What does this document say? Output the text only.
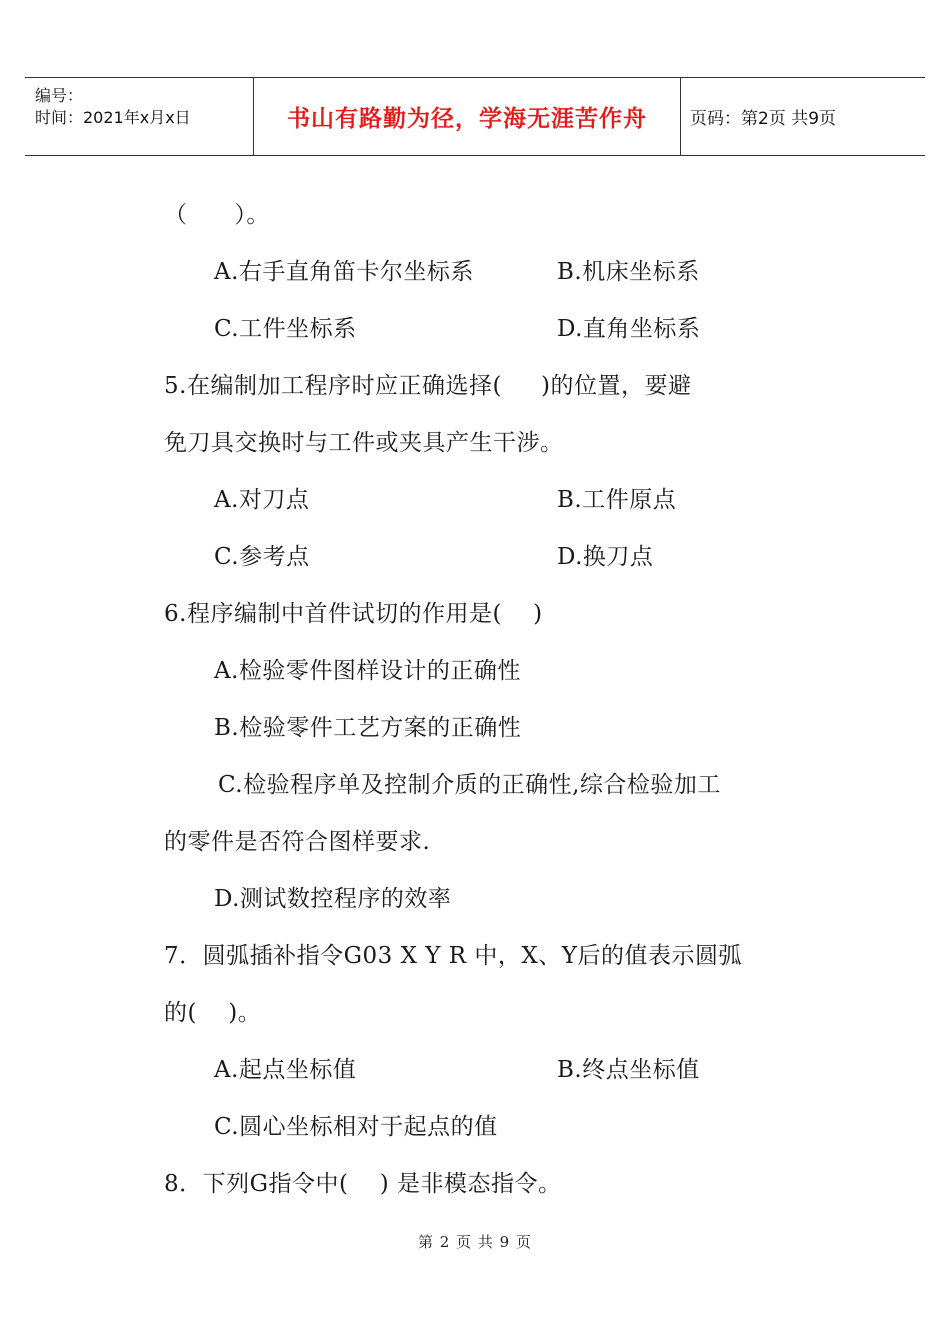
编号：
时间：2021年x月x日	书山有路勤为径，学海无涯苦作舟	页码：第2页 共9页
（      ）。
A.右手直角笛卡尔坐标系	B.机床坐标系
C.工件坐标系	D.直角坐标系
5.在编制加工程序时应正确选择(     )的位置，要避
免刀具交换时与工件或夹具产生干涉。
A.对刀点	B.工件原点
C.参考点	D.换刀点
6.程序编制中首件试切的作用是(    )
A.检验零件图样设计的正确性
B.检验零件工艺方案的正确性
C.检验程序单及控制介质的正确性,综合检验加工
的零件是否符合图样要求.
D.测试数控程序的效率
7．圆弧插补指令G03 X Y R 中，X、Y后的值表示圆弧
的(    )。
A.起点坐标值	B.终点坐标值
C.圆心坐标相对于起点的值
8．下列G指令中(    ) 是非模态指令。
第 2 页 共 9 页
